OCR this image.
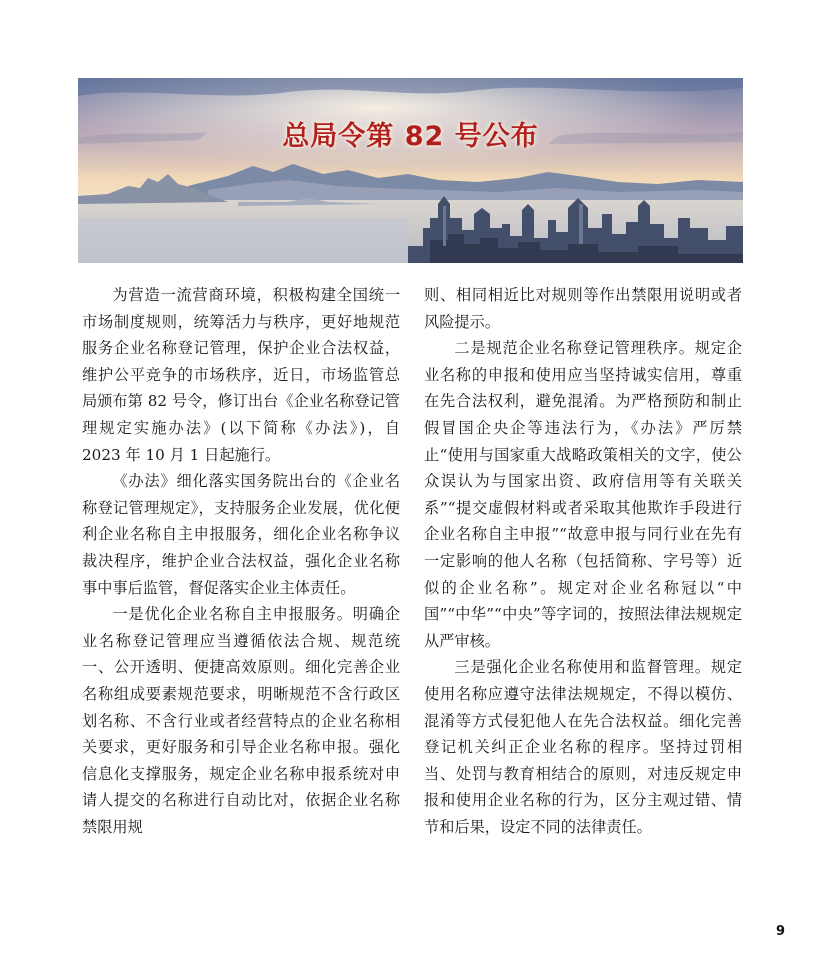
总局令第 82 号公布

为营造一流营商环境，积极构建全国统一市场制度规则，统筹活力与秩序，更好地规范服务企业名称登记管理，保护企业合法权益，维护公平竞争的市场秩序，近日，市场监管总局颁布第 82 号令，修订出台《企业名称登记管理规定实施办法》(以下简称《办法》)，自 2023 年 10 月 1 日起施行。

《办法》细化落实国务院出台的《企业名称登记管理规定》，支持服务企业发展，优化便利企业名称自主申报服务，细化企业名称争议裁决程序，维护企业合法权益，强化企业名称事中事后监管，督促落实企业主体责任。

一是优化企业名称自主申报服务。明确企业名称登记管理应当遵循依法合规、规范统一、公开透明、便捷高效原则。细化完善企业名称组成要素规范要求，明晰规范不含行政区划名称、不含行业或者经营特点的企业名称相关要求，更好服务和引导企业名称申报。强化信息化支撑服务，规定企业名称申报系统对申请人提交的名称进行自动比对，依据企业名称禁限用规

则、相同相近比对规则等作出禁限用说明或者风险提示。

二是规范企业名称登记管理秩序。规定企业名称的申报和使用应当坚持诚实信用，尊重在先合法权利，避免混淆。为严格预防和制止假冒国企央企等违法行为，《办法》严厉禁止“使用与国家重大战略政策相关的文字，使公众误认为与国家出资、政府信用等有关联关系”“提交虚假材料或者采取其他欺诈手段进行企业名称自主申报”“故意申报与同行业在先有一定影响的他人名称（包括简称、字号等）近似的企业名称”。规定对企业名称冠以“中国”“中华”“中央”等字词的，按照法律法规规定从严审核。

三是强化企业名称使用和监督管理。规定使用名称应遵守法律法规规定，不得以模仿、混淆等方式侵犯他人在先合法权益。细化完善登记机关纠正企业名称的程序。坚持过罚相当、处罚与教育相结合的原则，对违反规定申报和使用企业名称的行为，区分主观过错、情节和后果，设定不同的法律责任。

9
